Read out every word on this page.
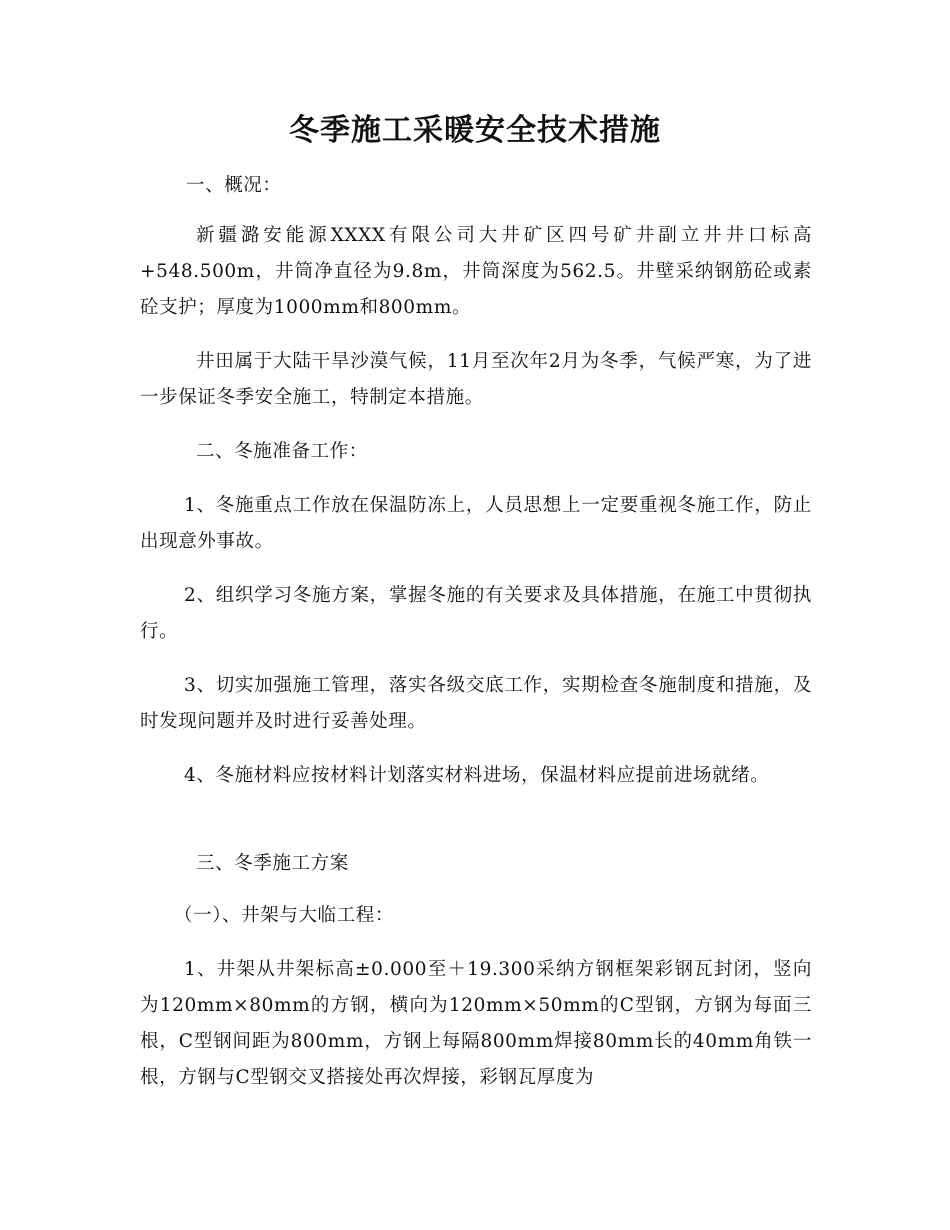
冬季施工采暖安全技术措施

一、概况：

新疆潞安能源XXXX有限公司大井矿区四号矿井副立井井口标高+548.500m，井筒净直径为9.8m，井筒深度为562.5。井壁采纳钢筋砼或素砼支护；厚度为1000mm和800mm。

井田属于大陆干旱沙漠气候，11月至次年2月为冬季，气候严寒，为了进一步保证冬季安全施工，特制定本措施。

二、冬施准备工作：

1、冬施重点工作放在保温防冻上，人员思想上一定要重视冬施工作，防止出现意外事故。

2、组织学习冬施方案，掌握冬施的有关要求及具体措施，在施工中贯彻执行。

3、切实加强施工管理，落实各级交底工作，实期检查冬施制度和措施，及时发现问题并及时进行妥善处理。

4、冬施材料应按材料计划落实材料进场，保温材料应提前进场就绪。

三、冬季施工方案

（一）、井架与大临工程：

1、井架从井架标高±0.000至＋19.300采纳方钢框架彩钢瓦封闭，竖向为120mm×80mm的方钢，横向为120mm×50mm的C型钢，方钢为每面三根，C型钢间距为800mm，方钢上每隔800mm焊接80mm长的40mm角铁一根，方钢与C型钢交叉搭接处再次焊接，彩钢瓦厚度为
